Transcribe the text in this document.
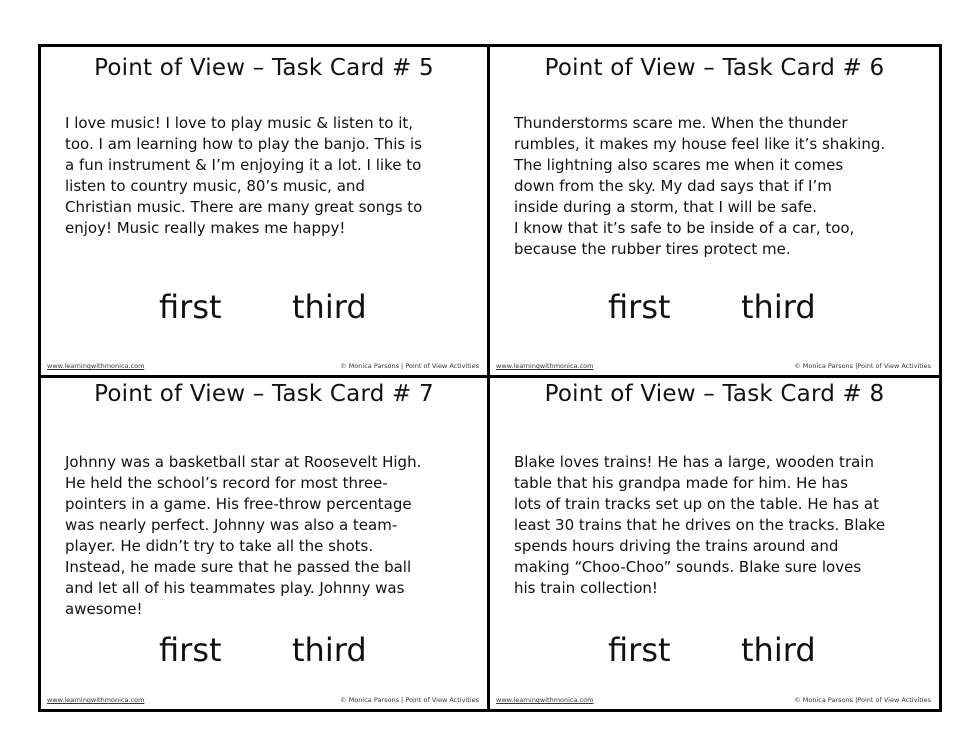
Point of View – Task Card # 5
I love music! I love to play music & listen to it,
too. I am learning how to play the banjo. This is
a fun instrument & I’m enjoying it a lot. I like to
listen to country music, 80’s music, and
Christian music. There are many great songs to
enjoy! Music really makes me happy!
first third
www.learningwithmonica.com	© Monica Parsons | Point of View Activities
Point of View – Task Card # 6
Thunderstorms scare me. When the thunder
rumbles, it makes my house feel like it’s shaking.
The lightning also scares me when it comes
down from the sky. My dad says that if I’m
inside during a storm, that I will be safe.
I know that it’s safe to be inside of a car, too,
because the rubber tires protect me.
first third
www.learningwithmonica.com	© Monica Parsons |Point of View Activities
Point of View – Task Card # 7
Johnny was a basketball star at Roosevelt High.
He held the school’s record for most three-
pointers in a game. His free-throw percentage
was nearly perfect. Johnny was also a team-
player. He didn’t try to take all the shots.
Instead, he made sure that he passed the ball
and let all of his teammates play. Johnny was
awesome!
first third
www.learningwithmonica.com	© Monica Parsons | Point of View Activities
Point of View – Task Card # 8
Blake loves trains! He has a large, wooden train
table that his grandpa made for him. He has
lots of train tracks set up on the table. He has at
least 30 trains that he drives on the tracks. Blake
spends hours driving the trains around and
making “Choo-Choo” sounds. Blake sure loves
his train collection!
first third
www.learningwithmonica.com	© Monica Parsons |Point of View Activities
